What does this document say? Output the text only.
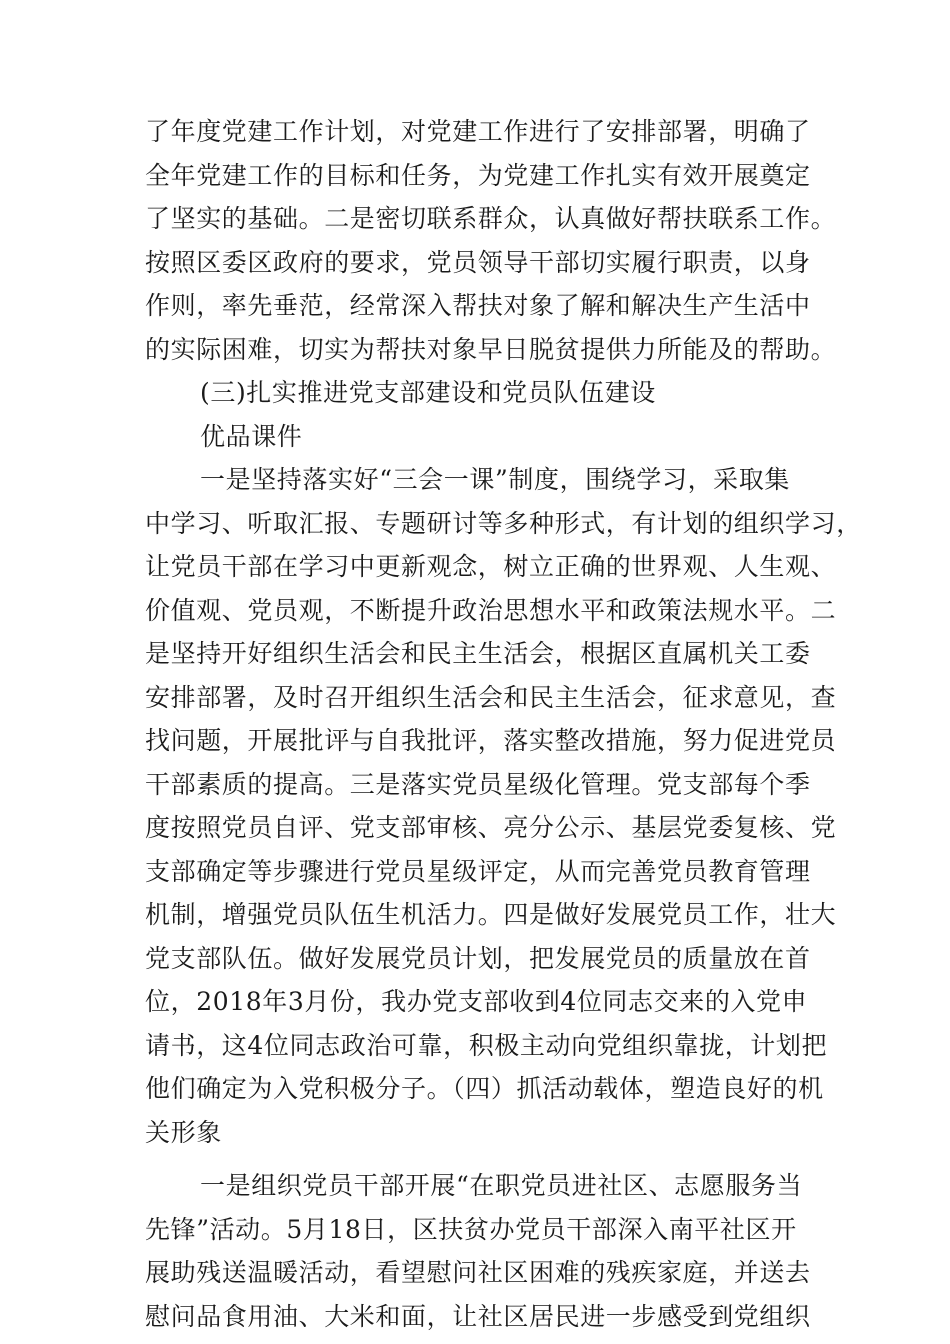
了年度党建工作计划，对党建工作进行了安排部署，明确了
全年党建工作的目标和任务，为党建工作扎实有效开展奠定
了坚实的基础。二是密切联系群众，认真做好帮扶联系工作。
按照区委区政府的要求，党员领导干部切实履行职责，以身
作则，率先垂范，经常深入帮扶对象了解和解决生产生活中
的实际困难，切实为帮扶对象早日脱贫提供力所能及的帮助。
(三)扎实推进党支部建设和党员队伍建设
优品课件
一是坚持落实好“三会一课”制度，围绕学习，采取集
中学习、听取汇报、专题研讨等多种形式，有计划的组织学习，
让党员干部在学习中更新观念，树立正确的世界观、人生观、
价值观、党员观，不断提升政治思想水平和政策法规水平。二
是坚持开好组织生活会和民主生活会，根据区直属机关工委
安排部署，及时召开组织生活会和民主生活会，征求意见，查
找问题，开展批评与自我批评，落实整改措施，努力促进党员
干部素质的提高。三是落实党员星级化管理。党支部每个季
度按照党员自评、党支部审核、亮分公示、基层党委复核、党
支部确定等步骤进行党员星级评定，从而完善党员教育管理
机制，增强党员队伍生机活力。四是做好发展党员工作，壮大
党支部队伍。做好发展党员计划，把发展党员的质量放在首
位，2018年3月份，我办党支部收到4位同志交来的入党申
请书，这4位同志政治可靠，积极主动向党组织靠拢，计划把
他们确定为入党积极分子。（四）抓活动载体，塑造良好的机
关形象
一是组织党员干部开展“在职党员进社区、志愿服务当
先锋”活动。5月18日，区扶贫办党员干部深入南平社区开
展助残送温暖活动，看望慰问社区困难的残疾家庭，并送去
慰问品食用油、大米和面，让社区居民进一步感受到党组织
